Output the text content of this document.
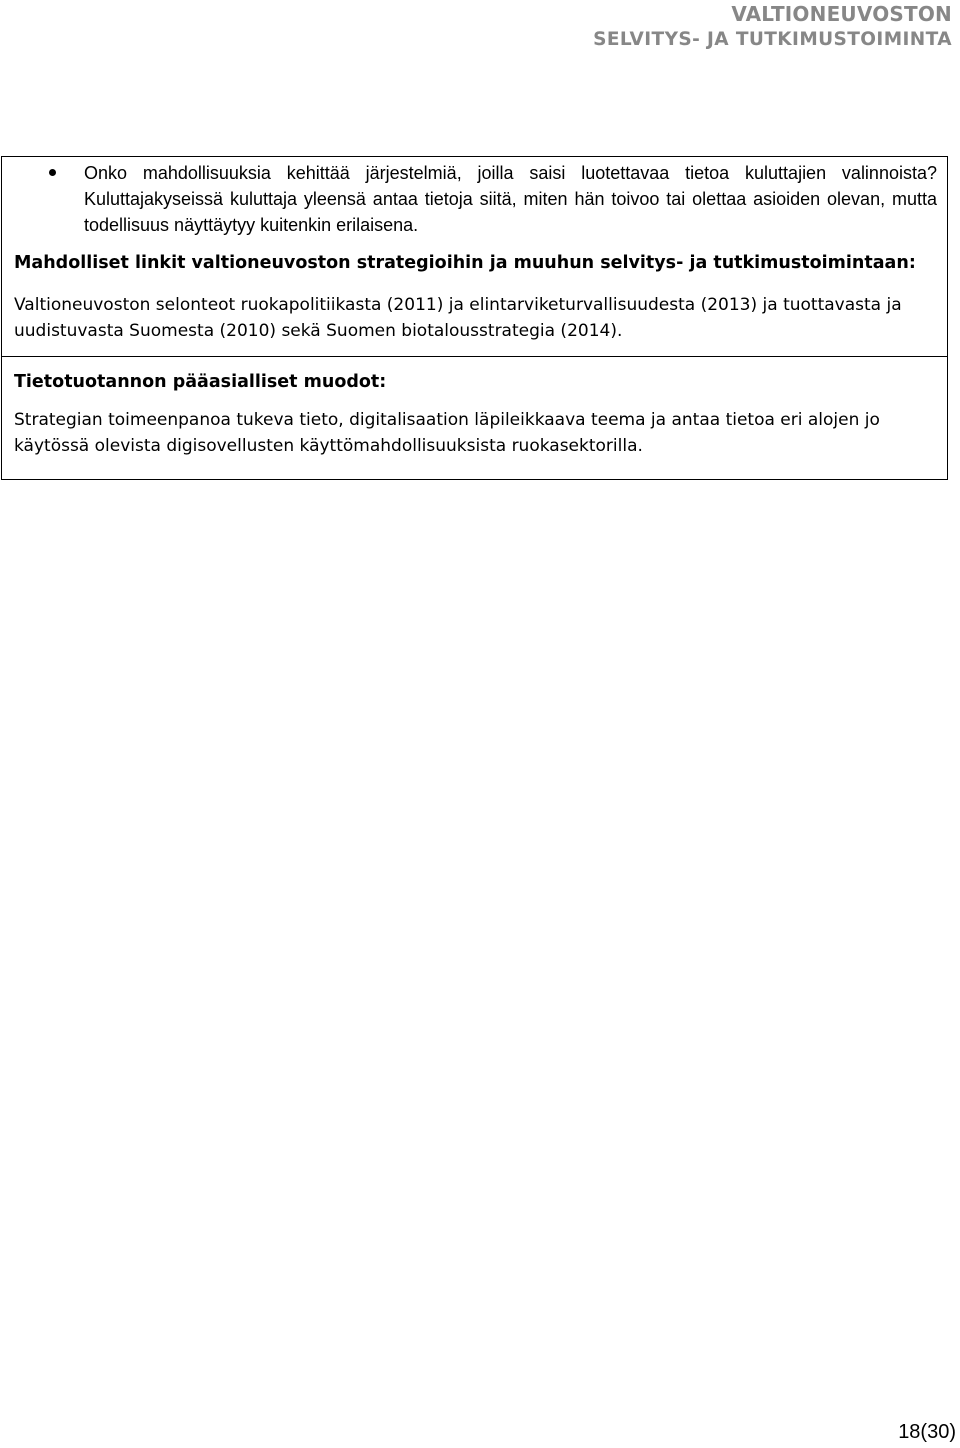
VALTIONEUVOSTON
SELVITYS- JA TUTKIMUSTOIMINTA
Onko mahdollisuuksia kehittää järjestelmiä, joilla saisi luotettavaa tietoa kuluttajien valinnoista? Kuluttajakyseissä kuluttaja yleensä antaa tietoja siitä, miten hän toivoo tai olettaa asioiden olevan, mutta todellisuus näyttäytyy kuitenkin erilaisena.

Mahdolliset linkit valtioneuvoston strategioihin ja muuhun selvitys- ja tutkimustoimintaan:

Valtioneuvoston selonteot ruokapolitiikasta (2011) ja elintarviketurvallisuudesta (2013) ja tuottavasta ja uudistuvasta Suomesta (2010) sekä Suomen biotalousstrategia (2014).

Tietotuotannon pääasialliset muodot:

Strategian toimeenpanoa tukeva tieto, digitalisaation läpileikkaava teema ja antaa tietoa eri alojen jo käytössä olevista digisovellusten käyttömahdollisuuksista ruokasektorilla.

18(30)
